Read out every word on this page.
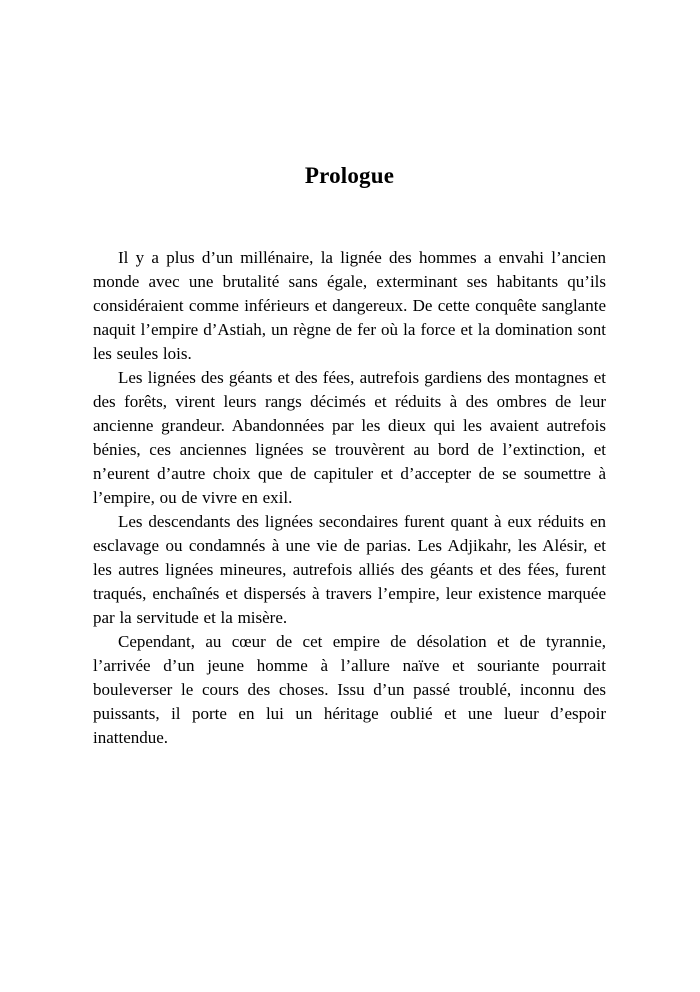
Prologue

Il y a plus d’un millénaire, la lignée des hommes a envahi l’ancien monde avec une brutalité sans égale, exterminant ses habitants qu’ils considéraient comme inférieurs et dangereux. De cette conquête sanglante naquit l’empire d’Astiah, un règne de fer où la force et la domination sont les seules lois.

Les lignées des géants et des fées, autrefois gardiens des montagnes et des forêts, virent leurs rangs décimés et réduits à des ombres de leur ancienne grandeur. Abandonnées par les dieux qui les avaient autrefois bénies, ces anciennes lignées se trouvèrent au bord de l’extinction, et n’eurent d’autre choix que de capituler et d’accepter de se soumettre à l’empire, ou de vivre en exil.

Les descendants des lignées secondaires furent quant à eux réduits en esclavage ou condamnés à une vie de parias. Les Adjikahr, les Alésir, et les autres lignées mineures, autrefois alliés des géants et des fées, furent traqués, enchaînés et dispersés à travers l’empire, leur existence marquée par la servitude et la misère.

Cependant, au cœur de cet empire de désolation et de tyrannie, l’arrivée d’un jeune homme à l’allure naïve et souriante pourrait bouleverser le cours des choses. Issu d’un passé troublé, inconnu des puissants, il porte en lui un héritage oublié et une lueur d’espoir inattendue.
